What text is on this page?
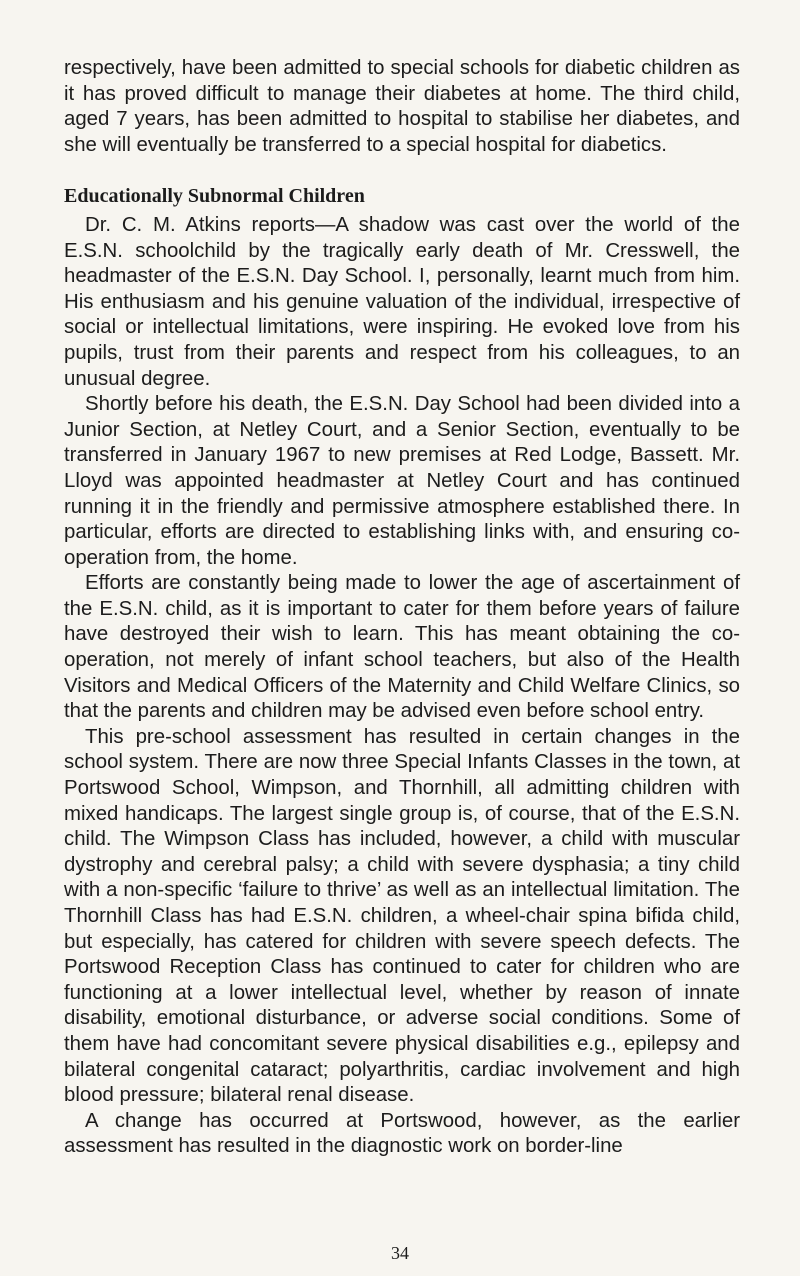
respectively, have been admitted to special schools for diabetic children as it has proved difficult to manage their diabetes at home. The third child, aged 7 years, has been admitted to hospital to stabilise her diabetes, and she will eventually be transferred to a special hospital for diabetics.

Educationally Subnormal Children

Dr. C. M. Atkins reports—A shadow was cast over the world of the E.S.N. schoolchild by the tragically early death of Mr. Cresswell, the headmaster of the E.S.N. Day School. I, personally, learnt much from him. His enthusiasm and his genuine valuation of the individual, irrespective of social or intellectual limitations, were inspiring. He evoked love from his pupils, trust from their parents and respect from his colleagues, to an unusual degree.

Shortly before his death, the E.S.N. Day School had been divided into a Junior Section, at Netley Court, and a Senior Section, eventually to be transferred in January 1967 to new premises at Red Lodge, Bassett. Mr. Lloyd was appointed headmaster at Netley Court and has continued running it in the friendly and permissive atmosphere established there. In particular, efforts are directed to establishing links with, and ensuring co-operation from, the home.

Efforts are constantly being made to lower the age of ascertainment of the E.S.N. child, as it is important to cater for them before years of failure have destroyed their wish to learn. This has meant obtaining the co-operation, not merely of infant school teachers, but also of the Health Visitors and Medical Officers of the Maternity and Child Welfare Clinics, so that the parents and children may be advised even before school entry.

This pre-school assessment has resulted in certain changes in the school system. There are now three Special Infants Classes in the town, at Portswood School, Wimpson, and Thornhill, all admitting children with mixed handicaps. The largest single group is, of course, that of the E.S.N. child. The Wimpson Class has included, however, a child with muscular dystrophy and cerebral palsy; a child with severe dysphasia; a tiny child with a non-specific ‘failure to thrive’ as well as an intellectual limitation. The Thornhill Class has had E.S.N. children, a wheel-chair spina bifida child, but especially, has catered for children with severe speech defects. The Portswood Reception Class has continued to cater for children who are functioning at a lower intellectual level, whether by reason of innate disability, emotional disturbance, or adverse social conditions. Some of them have had concomitant severe physical disabilities e.g., epilepsy and bilateral congenital cataract; polyarthritis, cardiac involvement and high blood pressure; bilateral renal disease.

A change has occurred at Portswood, however, as the earlier assessment has resulted in the diagnostic work on border-line

34
